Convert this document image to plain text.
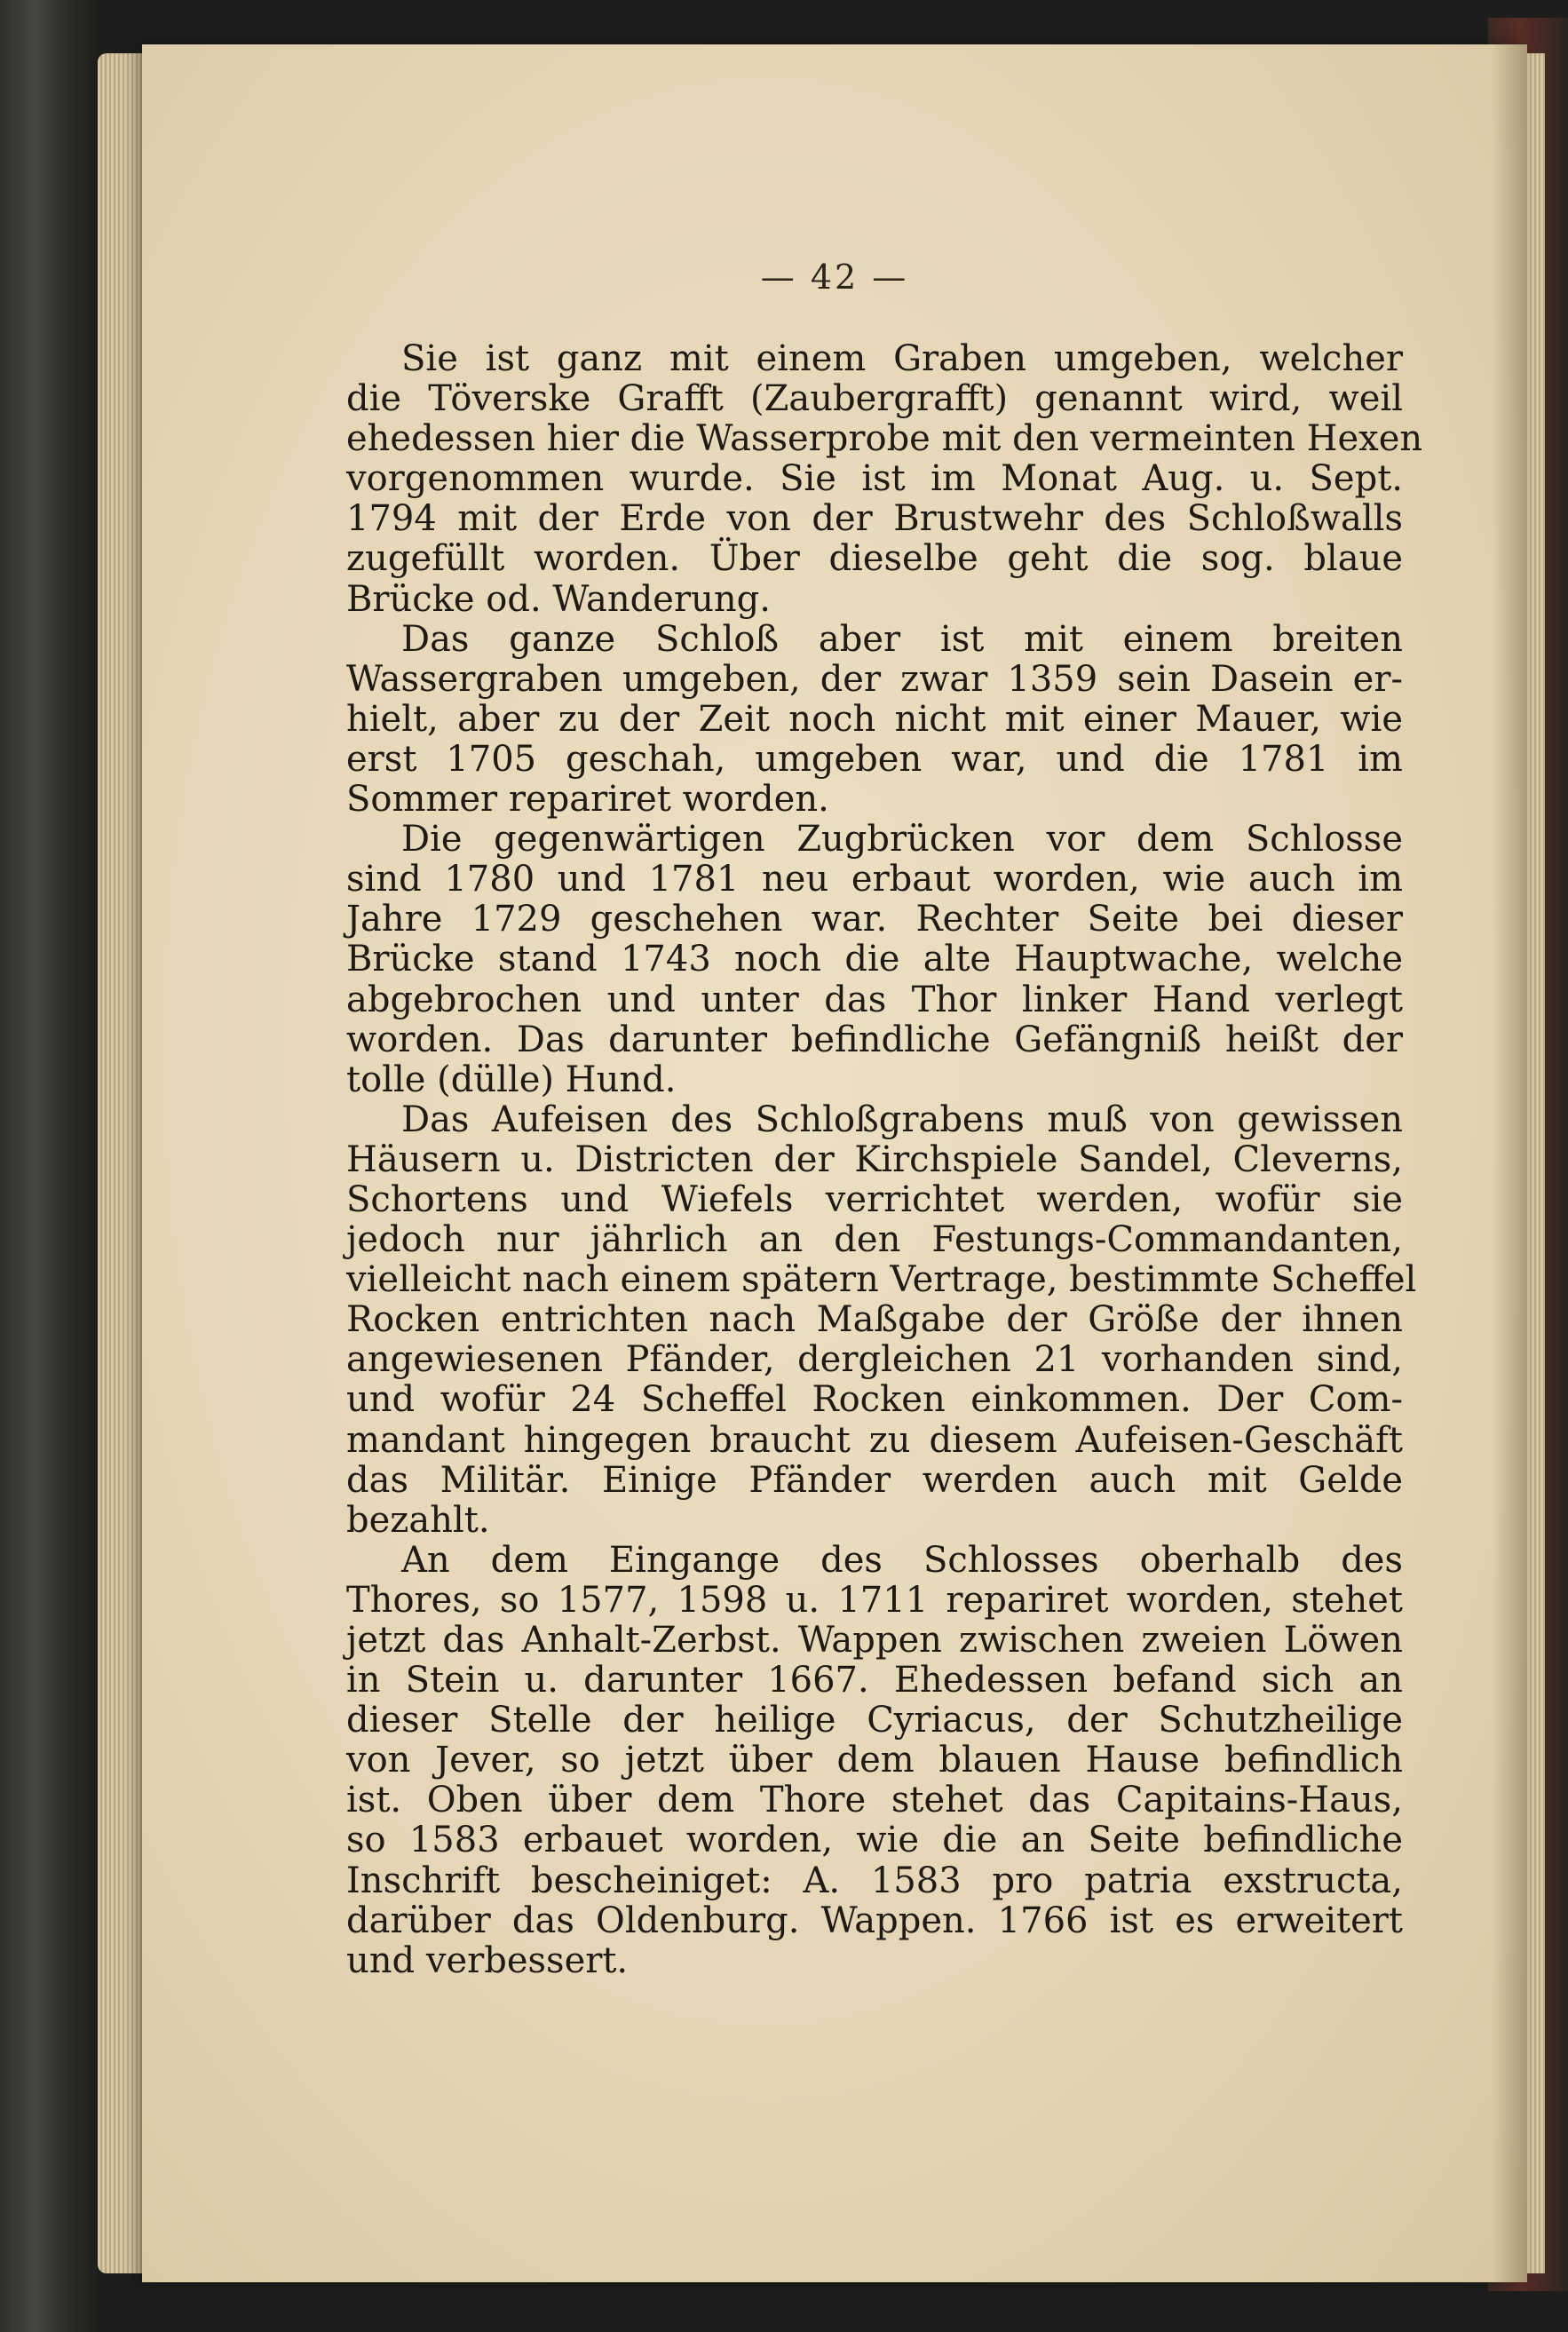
— 42 —
Sie ist ganz mit einem Graben umgeben, welcher
die Töverske Grafft (Zaubergrafft) genannt wird, weil
ehedessen hier die Wasserprobe mit den vermeinten Hexen
vorgenommen wurde. Sie ist im Monat Aug. u. Sept.
1794 mit der Erde von der Brustwehr des Schloßwalls
zugefüllt worden. Über dieselbe geht die sog. blaue
Brücke od. Wanderung.
Das ganze Schloß aber ist mit einem breiten
Wassergraben umgeben, der zwar 1359 sein Dasein er-
hielt, aber zu der Zeit noch nicht mit einer Mauer, wie
erst 1705 geschah, umgeben war, und die 1781 im
Sommer repariret worden.
Die gegenwärtigen Zugbrücken vor dem Schlosse
sind 1780 und 1781 neu erbaut worden, wie auch im
Jahre 1729 geschehen war. Rechter Seite bei dieser
Brücke stand 1743 noch die alte Hauptwache, welche
abgebrochen und unter das Thor linker Hand verlegt
worden. Das darunter befindliche Gefängniß heißt der
tolle (dülle) Hund.
Das Aufeisen des Schloßgrabens muß von gewissen
Häusern u. Districten der Kirchspiele Sandel, Cleverns,
Schortens und Wiefels verrichtet werden, wofür sie
jedoch nur jährlich an den Festungs-Commandanten,
vielleicht nach einem spätern Vertrage, bestimmte Scheffel
Rocken entrichten nach Maßgabe der Größe der ihnen
angewiesenen Pfänder, dergleichen 21 vorhanden sind,
und wofür 24 Scheffel Rocken einkommen. Der Com-
mandant hingegen braucht zu diesem Aufeisen-Geschäft
das Militär. Einige Pfänder werden auch mit Gelde
bezahlt.
An dem Eingange des Schlosses oberhalb des
Thores, so 1577, 1598 u. 1711 repariret worden, stehet
jetzt das Anhalt-Zerbst. Wappen zwischen zweien Löwen
in Stein u. darunter 1667. Ehedessen befand sich an
dieser Stelle der heilige Cyriacus, der Schutzheilige
von Jever, so jetzt über dem blauen Hause befindlich
ist. Oben über dem Thore stehet das Capitains-Haus,
so 1583 erbauet worden, wie die an Seite befindliche
Inschrift bescheiniget: A. 1583 pro patria exstructa,
darüber das Oldenburg. Wappen. 1766 ist es erweitert
und verbessert.
